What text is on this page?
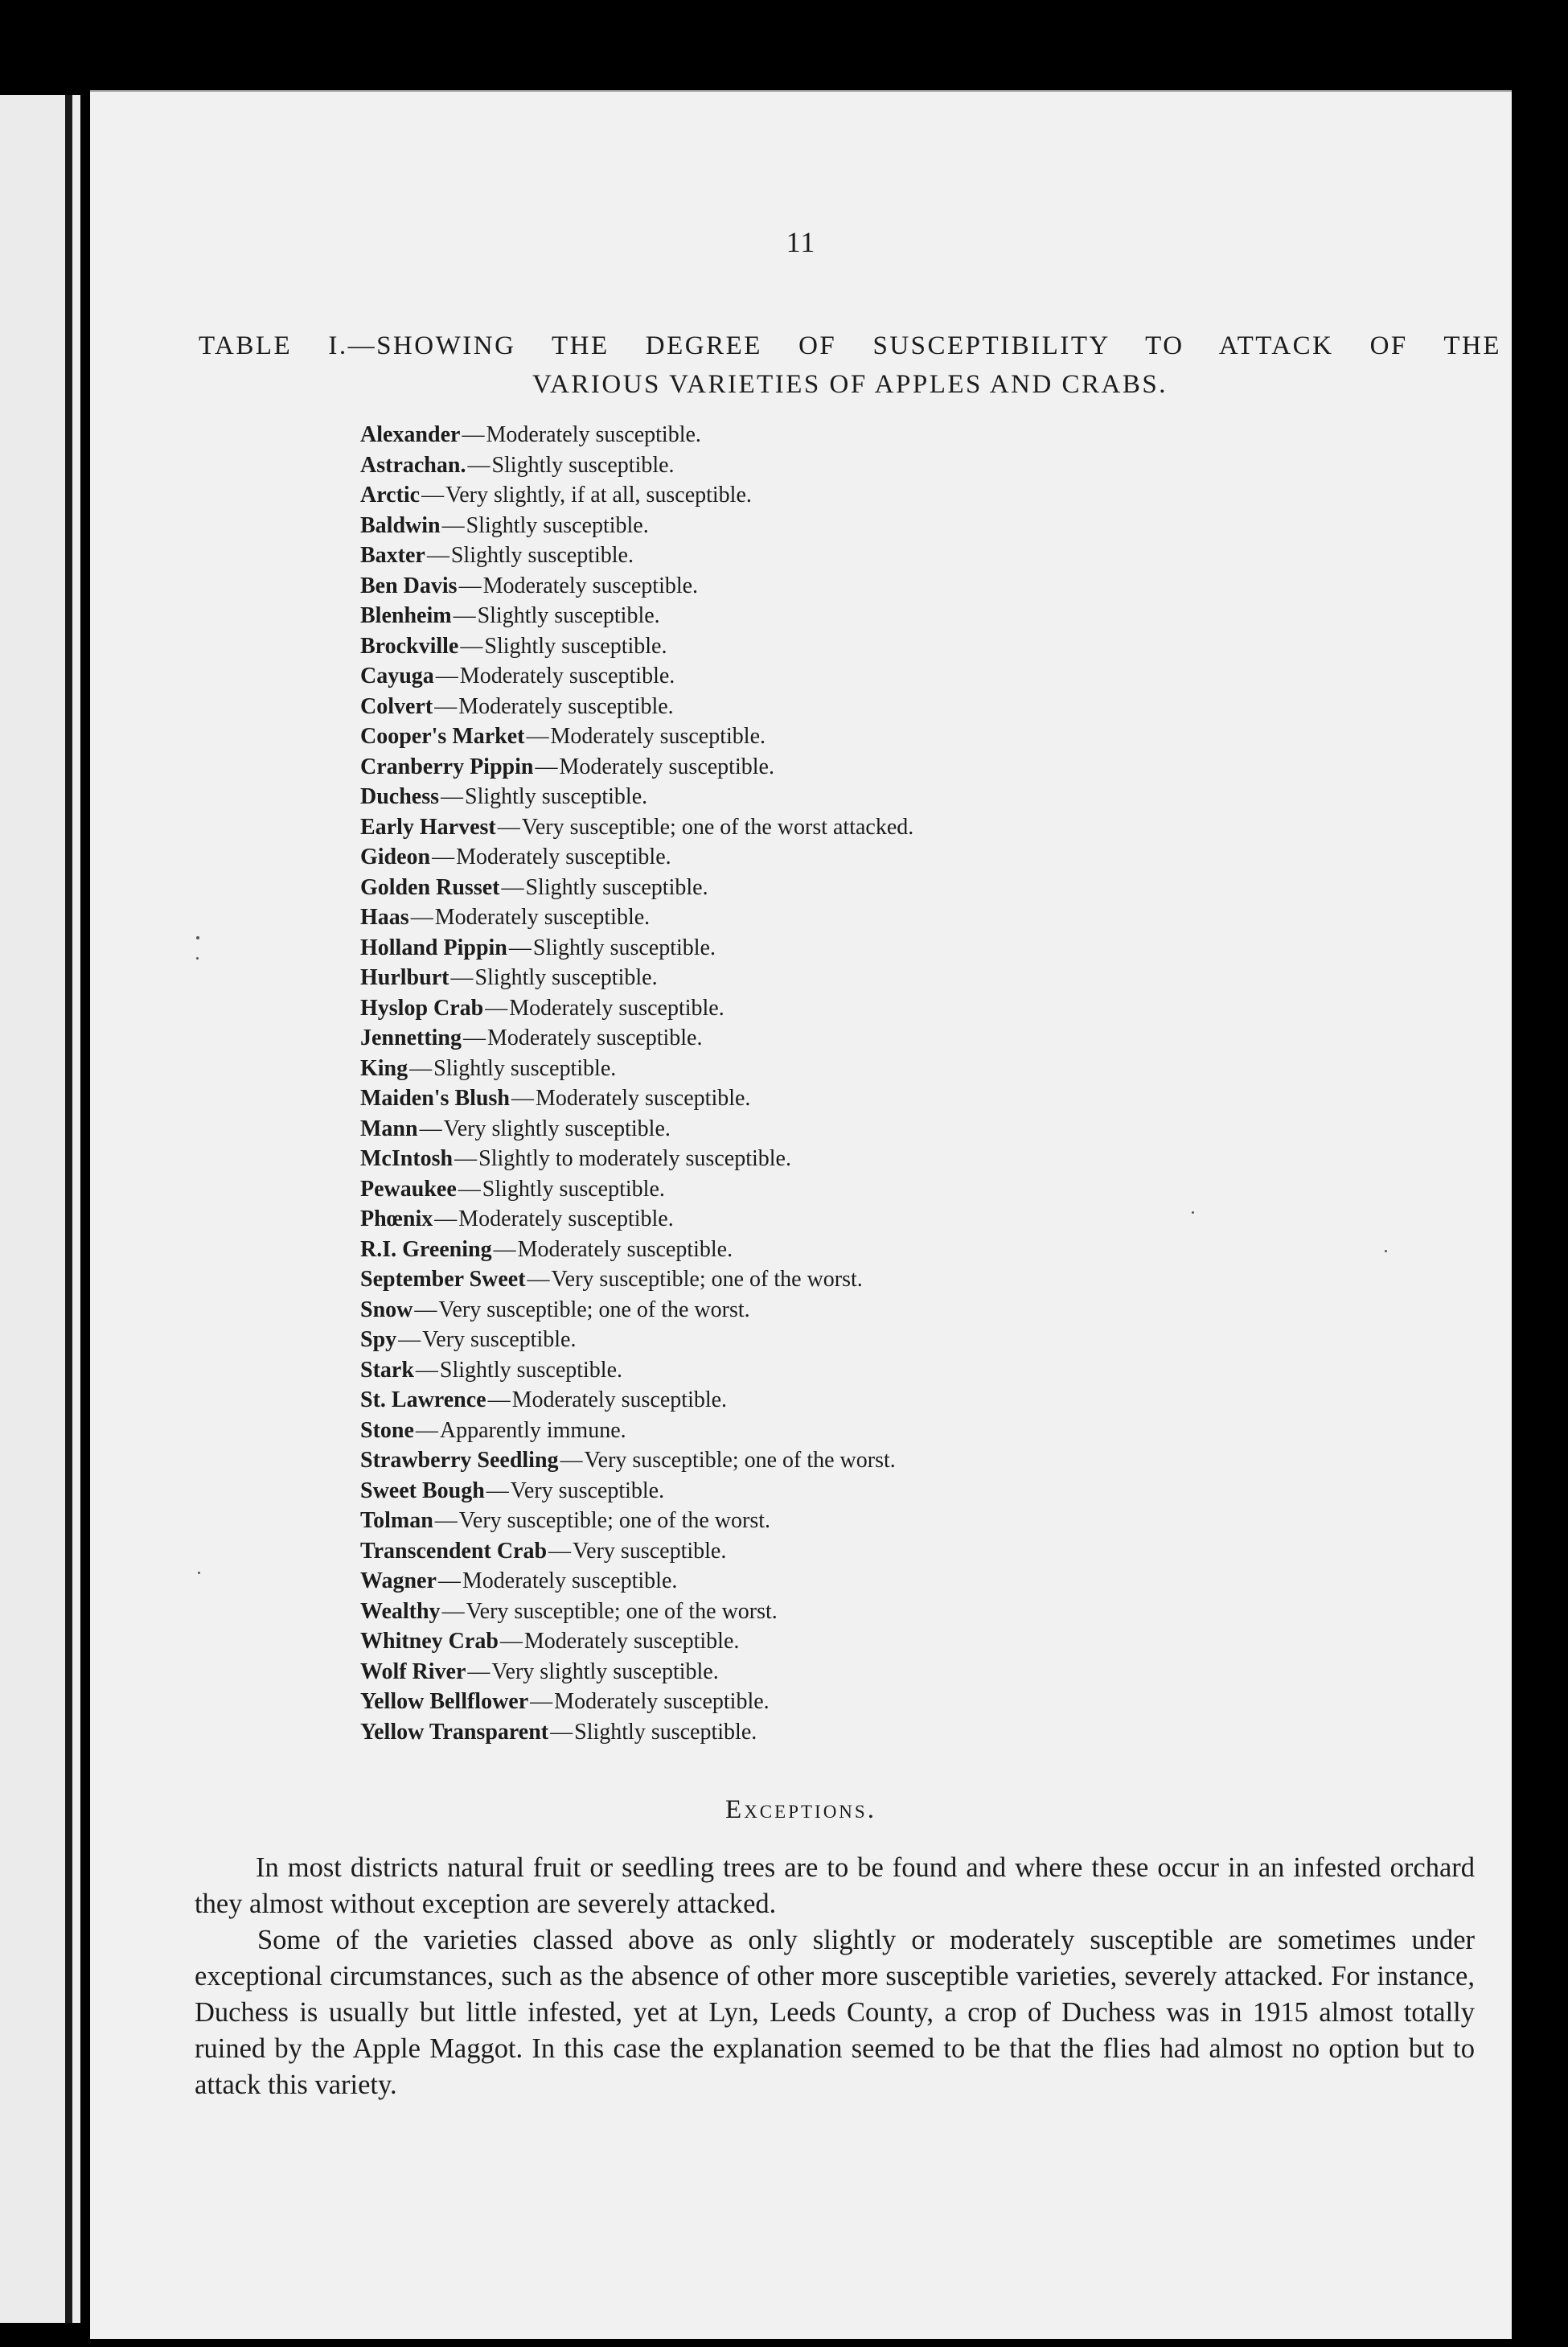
11
TABLE I.—SHOWING THE DEGREE OF SUSCEPTIBILITY TO ATTACK OF THE
VARIOUS VARIETIES OF APPLES AND CRABS.
Alexander—Moderately susceptible.
Astrachan.—Slightly susceptible.
Arctic—Very slightly, if at all, susceptible.
Baldwin—Slightly susceptible.
Baxter—Slightly susceptible.
Ben Davis—Moderately susceptible.
Blenheim—Slightly susceptible.
Brockville—Slightly susceptible.
Cayuga—Moderately susceptible.
Colvert—Moderately susceptible.
Cooper's Market—Moderately susceptible.
Cranberry Pippin—Moderately susceptible.
Duchess—Slightly susceptible.
Early Harvest—Very susceptible; one of the worst attacked.
Gideon—Moderately susceptible.
Golden Russet—Slightly susceptible.
Haas—Moderately susceptible.
Holland Pippin—Slightly susceptible.
Hurlburt—Slightly susceptible.
Hyslop Crab—Moderately susceptible.
Jennetting—Moderately susceptible.
King—Slightly susceptible.
Maiden's Blush—Moderately susceptible.
Mann—Very slightly susceptible.
McIntosh—Slightly to moderately susceptible.
Pewaukee—Slightly susceptible.
Phœnix—Moderately susceptible.
R.I. Greening—Moderately susceptible.
September Sweet—Very susceptible; one of the worst.
Snow—Very susceptible; one of the worst.
Spy—Very susceptible.
Stark—Slightly susceptible.
St. Lawrence—Moderately susceptible.
Stone—Apparently immune.
Strawberry Seedling—Very susceptible; one of the worst.
Sweet Bough—Very susceptible.
Tolman—Very susceptible; one of the worst.
Transcendent Crab—Very susceptible.
Wagner—Moderately susceptible.
Wealthy—Very susceptible; one of the worst.
Whitney Crab—Moderately susceptible.
Wolf River—Very slightly susceptible.
Yellow Bellflower—Moderately susceptible.
Yellow Transparent—Slightly susceptible.
Exceptions.

In most districts natural fruit or seedling trees are to be found and where these occur in an infested orchard they almost without exception are severely attacked.

Some of the varieties classed above as only slightly or moderately susceptible are sometimes under exceptional circumstances, such as the absence of other more susceptible varieties, severely attacked. For instance, Duchess is usually but little infested, yet at Lyn, Leeds County, a crop of Duchess was in 1915 almost totally ruined by the Apple Maggot. In this case the explanation seemed to be that the flies had almost no option but to attack this variety.
